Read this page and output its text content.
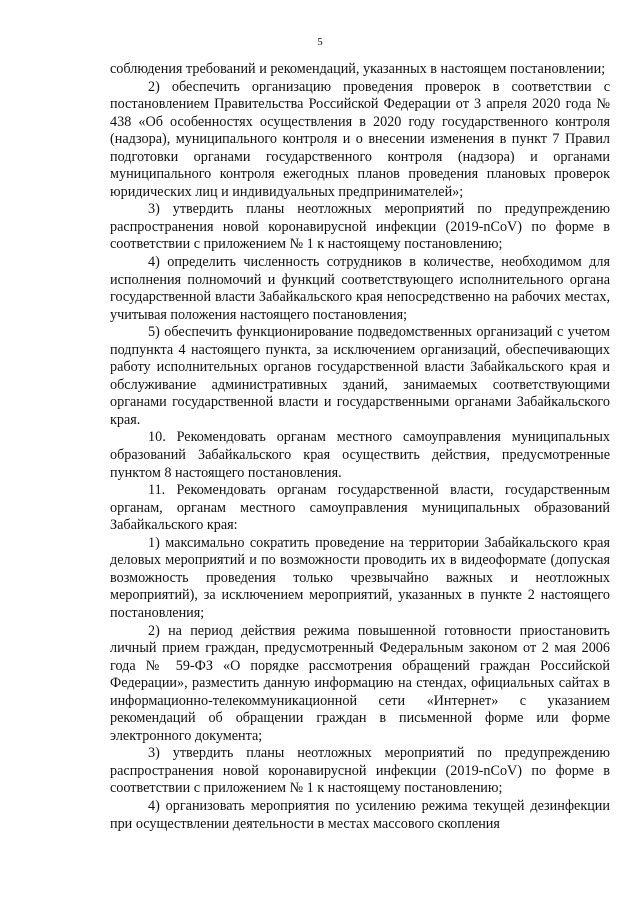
5

соблюдения требований и рекомендаций, указанных в настоящем постановлении;

2) обеспечить организацию проведения проверок в соответствии с постановлением Правительства Российской Федерации от 3 апреля 2020 года № 438 «Об особенностях осуществления в 2020 году государственного контроля (надзора), муниципального контроля и о внесении изменения в пункт 7 Правил подготовки органами государственного контроля (надзора) и органами муниципального контроля ежегодных планов проведения плановых проверок юридических лиц и индивидуальных предпринимателей»;

3) утвердить планы неотложных мероприятий по предупреждению распространения новой коронавирусной инфекции (2019-nCoV) по форме в соответствии с приложением № 1 к настоящему постановлению;

4) определить численность сотрудников в количестве, необходимом для исполнения полномочий и функций соответствующего исполнительного органа государственной власти Забайкальского края непосредственно на рабочих местах, учитывая положения настоящего постановления;

5) обеспечить функционирование подведомственных организаций с учетом подпункта 4 настоящего пункта, за исключением организаций, обеспечивающих работу исполнительных органов государственной власти Забайкальского края и обслуживание административных зданий, занимаемых соответствующими органами государственной власти и государственными органами Забайкальского края.

10. Рекомендовать органам местного самоуправления муниципальных образований Забайкальского края осуществить действия, предусмотренные пунктом 8 настоящего постановления.

11. Рекомендовать органам государственной власти, государственным органам, органам местного самоуправления муниципальных образований Забайкальского края:

1) максимально сократить проведение на территории Забайкальского края деловых мероприятий и по возможности проводить их в видеоформате (допуская возможность проведения только чрезвычайно важных и неотложных мероприятий), за исключением мероприятий, указанных в пункте 2 настоящего постановления;

2) на период действия режима повышенной готовности приостановить личный прием граждан, предусмотренный Федеральным законом от 2 мая 2006 года № 59-ФЗ «О порядке рассмотрения обращений граждан Российской Федерации», разместить данную информацию на стендах, официальных сайтах в информационно-телекоммуникационной сети «Интернет» с указанием рекомендаций об обращении граждан в письменной форме или форме электронного документа;

3) утвердить планы неотложных мероприятий по предупреждению распространения новой коронавирусной инфекции (2019-nCoV) по форме в соответствии с приложением № 1 к настоящему постановлению;

4) организовать мероприятия по усилению режима текущей дезинфекции при осуществлении деятельности в местах массового скопления
